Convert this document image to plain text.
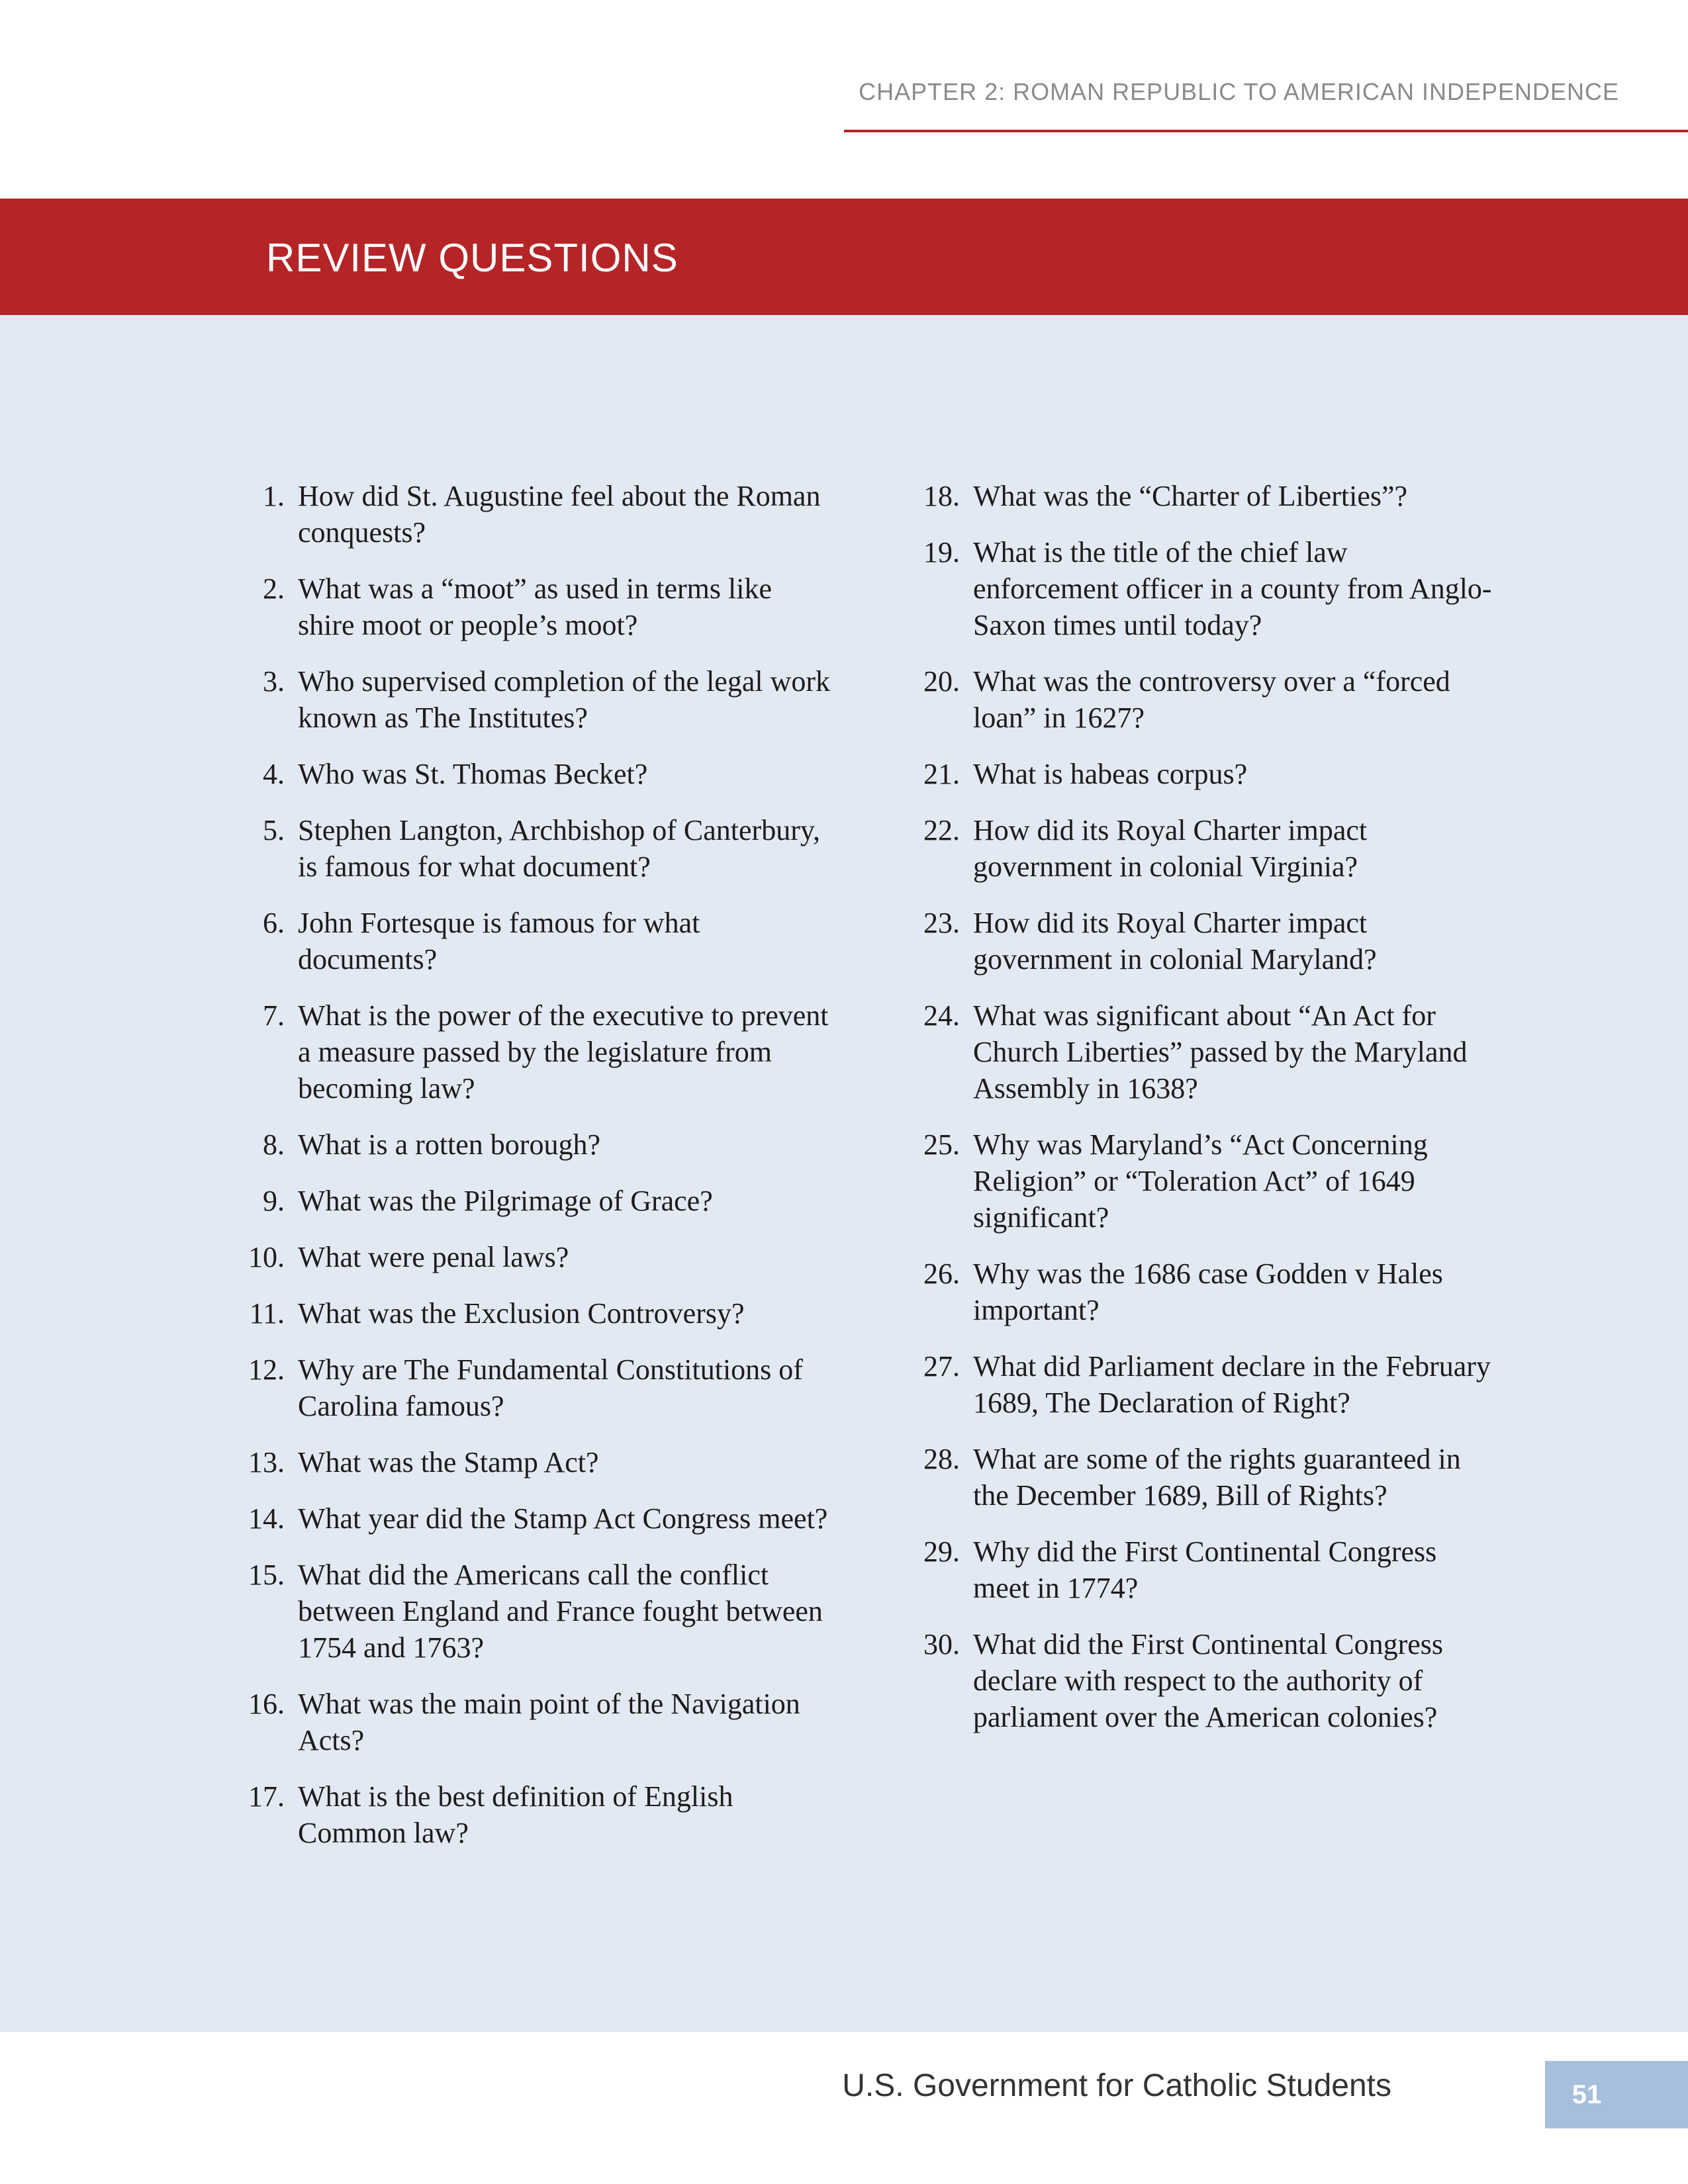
CHAPTER 2: ROMAN REPUBLIC TO AMERICAN INDEPENDENCE
REVIEW QUESTIONS
1. How did St. Augustine feel about the Roman conquests?
2. What was a “moot” as used in terms like shire moot or people’s moot?
3. Who supervised completion of the legal work known as The Institutes?
4. Who was St. Thomas Becket?
5. Stephen Langton, Archbishop of Canterbury, is famous for what document?
6. John Fortesque is famous for what documents?
7. What is the power of the executive to prevent a measure passed by the legislature from becoming law?
8. What is a rotten borough?
9. What was the Pilgrimage of Grace?
10. What were penal laws?
11. What was the Exclusion Controversy?
12. Why are The Fundamental Constitutions of Carolina famous?
13. What was the Stamp Act?
14. What year did the Stamp Act Congress meet?
15. What did the Americans call the conflict between England and France fought between 1754 and 1763?
16. What was the main point of the Navigation Acts?
17. What is the best definition of English Common law?
18. What was the “Charter of Liberties”?
19. What is the title of the chief law enforcement officer in a county from Anglo-Saxon times until today?
20. What was the controversy over a “forced loan” in 1627?
21. What is habeas corpus?
22. How did its Royal Charter impact government in colonial Virginia?
23. How did its Royal Charter impact government in colonial Maryland?
24. What was significant about “An Act for Church Liberties” passed by the Maryland Assembly in 1638?
25. Why was Maryland’s “Act Concerning Religion” or “Toleration Act” of 1649 significant?
26. Why was the 1686 case Godden v Hales important?
27. What did Parliament declare in the February 1689, The Declaration of Right?
28. What are some of the rights guaranteed in the December 1689, Bill of Rights?
29. Why did the First Continental Congress meet in 1774?
30. What did the First Continental Congress declare with respect to the authority of parliament over the American colonies?
U.S. Government for Catholic Students	51
